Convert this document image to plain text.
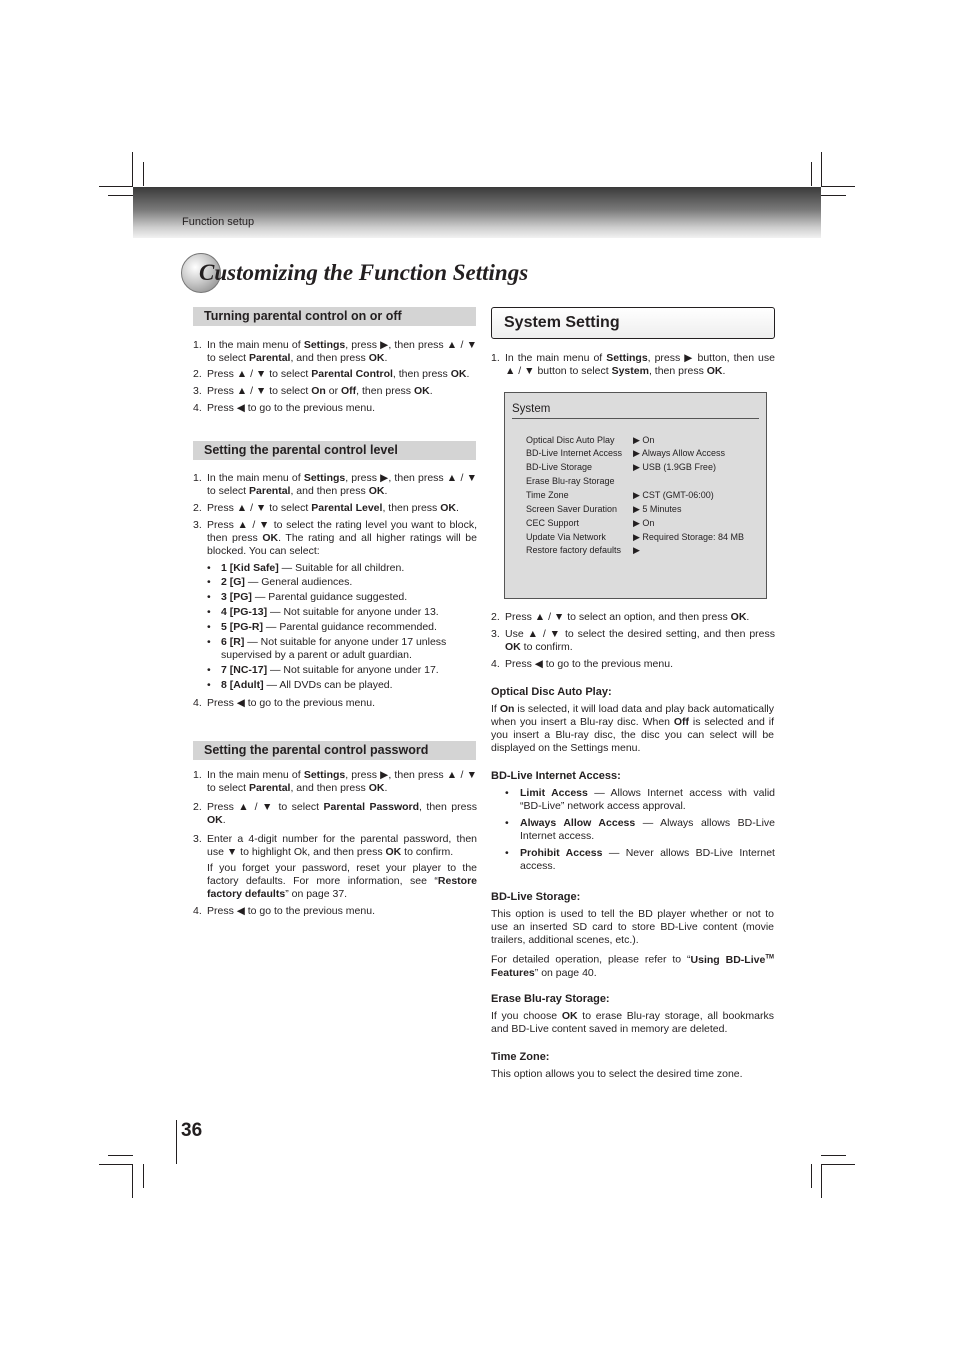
Function setup
Customizing the Function Settings
Turning parental control on or off
1. In the main menu of Settings, press ▶, then press ▲ / ▼ to select Parental, and then press OK.
2. Press ▲ / ▼ to select Parental Control, then press OK.
3. Press ▲ / ▼ to select On or Off, then press OK.
4. Press ◀ to go to the previous menu.
Setting the parental control level
1. In the main menu of Settings, press ▶, then press ▲ / ▼ to select Parental, and then press OK.
2. Press ▲ / ▼ to select Parental Level, then press OK.
3. Press ▲ / ▼ to select the rating level you want to block, then press OK. The rating and all higher ratings will be blocked. You can select:
• 1 [Kid Safe] — Suitable for all children.
• 2 [G] — General audiences.
• 3 [PG] — Parental guidance suggested.
• 4 [PG-13] — Not suitable for anyone under 13.
• 5 [PG-R] — Parental guidance recommended.
• 6 [R] — Not suitable for anyone under 17 unless supervised by a parent or adult guardian.
• 7 [NC-17] — Not suitable for anyone under 17.
• 8 [Adult] — All DVDs can be played.
4. Press ◀ to go to the previous menu.
Setting the parental control password
1. In the main menu of Settings, press ▶, then press ▲ / ▼ to select Parental, and then press OK.
2. Press ▲ / ▼ to select Parental Password, then press OK.
3. Enter a 4-digit number for the parental password, then use ▼ to highlight Ok, and then press OK to confirm.
If you forget your password, reset your player to the factory defaults. For more information, see “Restore factory defaults” on page 37.
4. Press ◀ to go to the previous menu.
System Setting
1. In the main menu of Settings, press ▶ button, then use ▲ / ▼ button to select System, then press OK.
System
Optical Disc Auto Play ▶ On
BD-Live Internet Access ▶ Always Allow Access
BD-Live Storage	▶ USB (1.9GB Free)
Erase Blu-ray Storage
Time Zone	▶ CST (GMT-06:00)
Screen Saver Duration ▶ 5 Minutes
CEC Support	▶ On
Update Via Network	▶ Required Storage: 84 MB
Restore factory defaults ▶
2. Press ▲ / ▼ to select an option, and then press OK.
3. Use ▲ / ▼ to select the desired setting, and then press OK to confirm.
4. Press ◀ to go to the previous menu.
Optical Disc Auto Play:
If On is selected, it will load data and play back automatically when you insert a Blu-ray disc. When Off is selected and if you insert a Blu-ray disc, the disc you can select will be displayed on the Settings menu.
BD-Live Internet Access:
• Limit Access — Allows Internet access with valid “BD-Live” network access approval.
• Always Allow Access — Always allows BD-Live Internet access.
• Prohibit Access — Never allows BD-Live Internet access.
BD-Live Storage:
This option is used to tell the BD player whether or not to use an inserted SD card to store BD-Live content (movie trailers, additional scenes, etc.).
For detailed operation, please refer to “Using BD-Live™ Features” on page 40.
Erase Blu-ray Storage:
If you choose OK to erase Blu-ray storage, all bookmarks and BD-Live content saved in memory are deleted.
Time Zone:
This option allows you to select the desired time zone.
36
